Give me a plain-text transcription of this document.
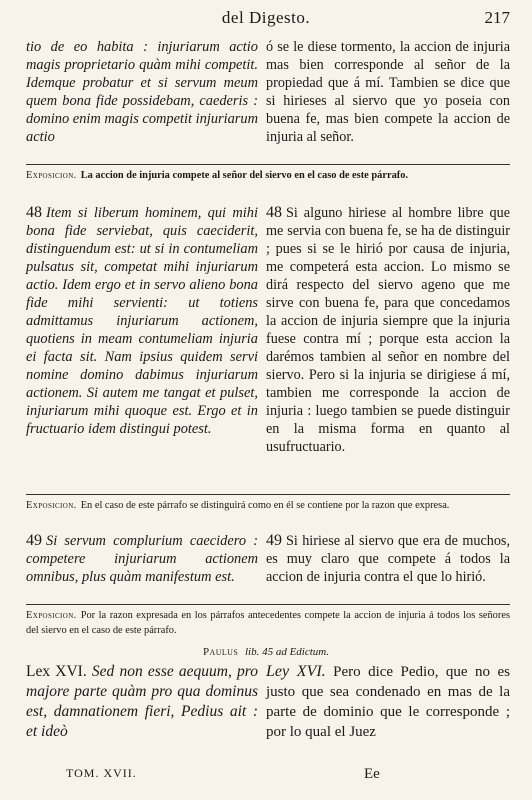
del Digesto.	217
tio de eo habita : injuriarum actio magis proprietario quàm mihi competit. Idemque probatur et si servum meum quem bona fide possidebam, caederis : domino enim magis competit injuriarum actio
ó se le diese tormento, la accion de injuria mas bien corresponde al señor de la propiedad que á mí. Tambien se dice que si hirieses al siervo que yo poseia con buena fe, mas bien compete la accion de injuria al señor.
Exposicion. La accion de injuria compete al señor del siervo en el caso de este párrafo.
48 Item si liberum hominem, qui mihi bona fide serviebat, quis caeciderit, distinguendum est: ut si in contumeliam pulsatus sit, competat mihi injuriarum actio. Idem ergo et in servo alieno bona fide mihi servienti: ut totiens admittamus injuriarum actionem, quotiens in meam contumeliam injuria ei facta sit. Nam ipsius quidem servi nomine domino dabimus injuriarum actionem. Si autem me tangat et pulset, injuriarum mihi quoque est. Ergo et in fructuario idem distingui potest.
48 Si alguno hiriese al hombre libre que me servia con buena fe, se ha de distinguir ; pues si se le hirió por causa de injuria, me competerá esta accion. Lo mismo se dirá respecto del siervo ageno que me sirve con buena fe, para que concedamos la accion de injuria siempre que la injuria fuese contra mí ; porque esta accion la darémos tambien al señor en nombre del siervo. Pero si la injuria se dirigiese á mí, tambien me corresponde la accion de injuria : luego tambien se puede distinguir en la misma forma en quanto al usufructuario.
Exposicion. En el caso de este párrafo se distinguirá como en él se contiene por la razon que expresa.
49 Si servum complurium caecidero : competere injuriarum actionem omnibus, plus quàm manifestum est.
49 Si hiriese al siervo que era de muchos, es muy claro que compete á todos la accion de injuria contra el que lo hirió.
Exposicion. Por la razon expresada en los párrafos antecedentes compete la accion de injuria á todos los señores del siervo en el caso de este párrafo.
Paulus lib. 45 ad Edictum.
Lex XVI. Sed non esse aequum, pro majore parte quàm pro qua dominus est, damnationem fieri, Pedius ait : et ideò
Ley XVI. Pero dice Pedio, que no es justo que sea condenado en mas de la parte de dominio que le corresponde ; por lo qual el Juez
TOM. XVII.	Ee
